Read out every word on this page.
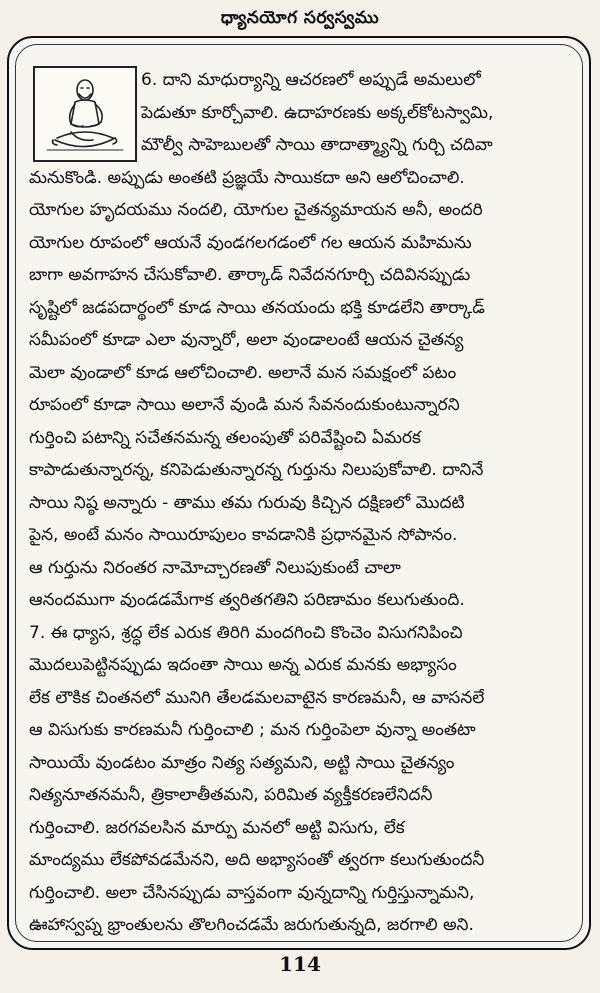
ధ్యానయోగ సర్వస్వము
6. దాని మాధుర్యాన్ని ఆచరణలో అప్పుడే అమలులో
పెడుతూ కూర్చోవాలి. ఉదాహరణకు అక్కల్‌కోటస్వామి,
మౌల్వీ సాహెబులతో సాయి తాదాత్మ్యాన్ని గుర్చి చదివా
మనుకొండి. అప్పుడు అంతటి ప్రజ్ఞయే సాయికదా అని ఆలోచించాలి.
యోగుల హృదయము నందలి, యోగుల చైతన్యమాయన అనీ, అందరి
యోగుల రూపంలో ఆయనే వుండగలగడంలో గల ఆయన మహిమను
బాగా అవగాహన చేసుకోవాలి. తార్కాడ్ నివేదనగూర్చి చదివినప్పుడు
సృష్టిలో జడపదార్థంలో కూడ సాయి తనయందు భక్తి కూడలేని తార్కాడ్
సమీపంలో కూడా ఎలా వున్నారో, అలా వుండాలంటే ఆయన చైతన్య
మెలా వుండాలో కూడ ఆలోచించాలి. అలానే మన సమక్షంలో పటం
రూపంలో కూడా సాయి అలానే వుండి మన సేవనందుకుంటున్నారని
గుర్తించి పటాన్ని సచేతనమన్న తలంపుతో పరివేష్టించి ఏమరక
కాపాడుతున్నారన్న, కనిపెడుతున్నారన్న గుర్తును నిలుపుకోవాలి. దానినే
సాయి నిష్ఠ అన్నారు - తాము తమ గురువు కిచ్చిన దక్షిణలో మొదటి
పైన, అంటే మనం సాయిరూపులం కావడానికి ప్రధానమైన సోపానం.
ఆ గుర్తును నిరంతర నామోచ్చారణతో నిలుపుకుంటే చాలా
ఆనందముగా వుండడమేగాక త్వరితగతిని పరిణామం కలుగుతుంది.
7. ఈ ధ్యాస, శ్రద్ధ లేక ఎరుక తిరిగి మందగించి కొంచెం విసుగనిపించి
మొదలుపెట్టినప్పుడు ఇదంతా సాయి అన్న ఎరుక మనకు అభ్యాసం
లేక లౌకిక చింతనలో మునిగి తేలడమలవాటైన కారణమనీ, ఆ వాసనలే
ఆ విసుగుకు కారణమనీ గుర్తించాలి ; మన గుర్తింపెలా వున్నా అంతటా
సాయియే వుండటం మాత్రం నిత్య సత్యమని, అట్టి సాయి చైతన్యం
నిత్యనూతనమనీ, త్రికాలాతీతమని, పరిమిత వ్యక్తీకరణలేనిదనీ
గుర్తించాలి. జరగవలసిన మార్పు మనలో అట్టి విసుగు, లేక
మాంద్యము లేకపోవడమేనని, అది అభ్యాసంతో త్వరగా కలుగుతుందనీ
గుర్తించాలి. అలా చేసినప్పుడు వాస్తవంగా వున్నదాన్ని గుర్తిస్తున్నామని,
ఊహాస్వప్న భ్రాంతులను తొలగించడమే జరుగుతున్నది, జరగాలి అని.
114
